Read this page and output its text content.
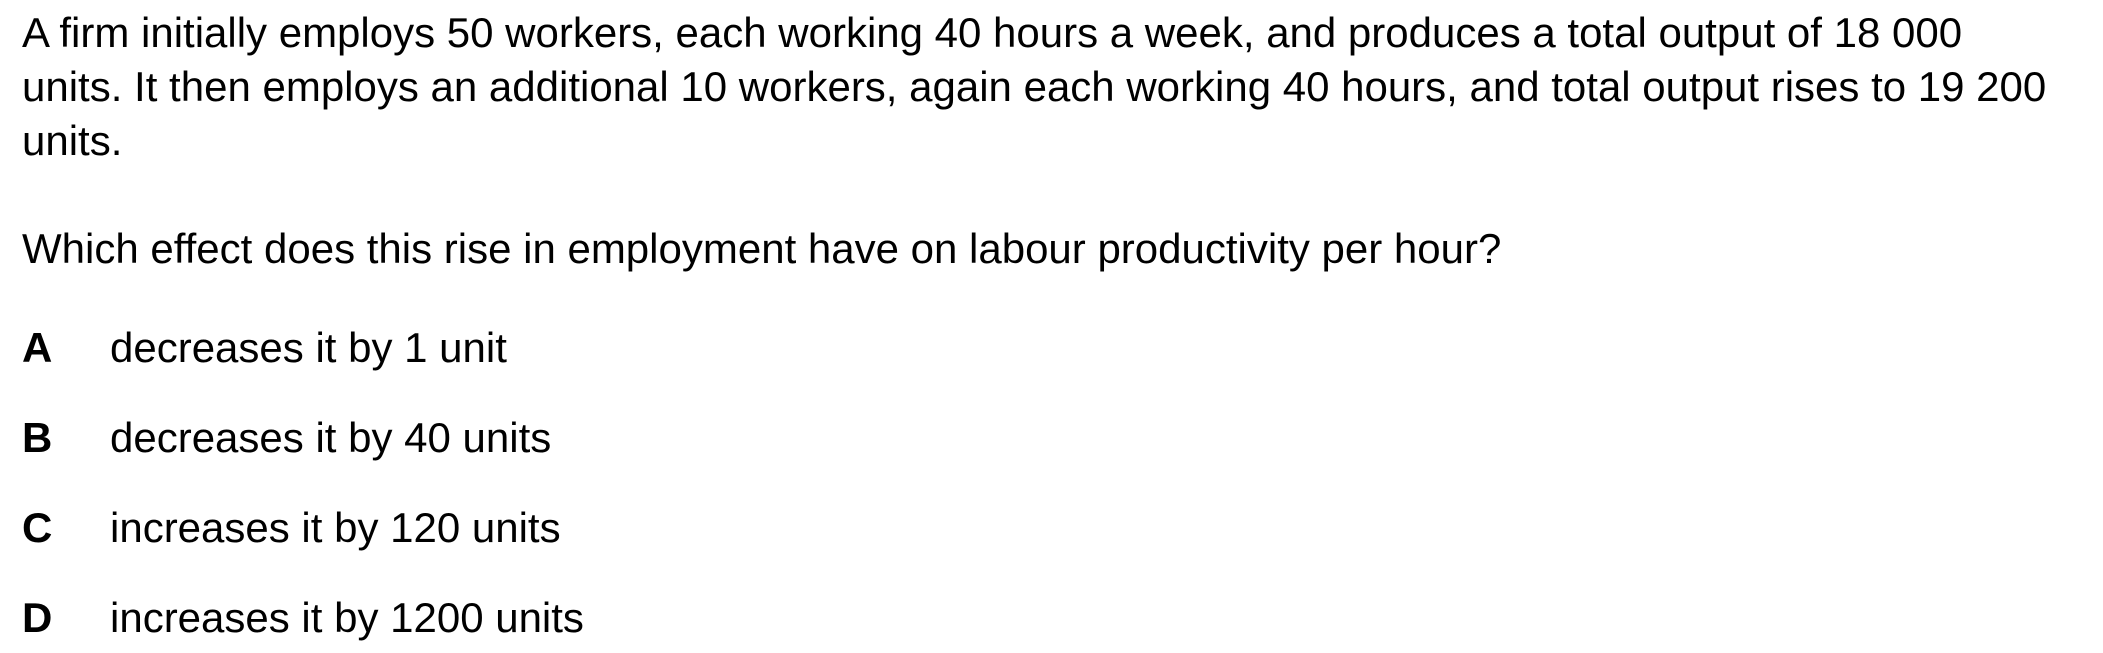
A firm initially employs 50 workers, each working 40 hours a week, and produces a total output of 18 000 units. It then employs an additional 10 workers, again each working 40 hours, and total output rises to 19 200 units.

Which effect does this rise in employment have on labour productivity per hour?

A decreases it by 1 unit
B decreases it by 40 units
C increases it by 120 units
D increases it by 1200 units
